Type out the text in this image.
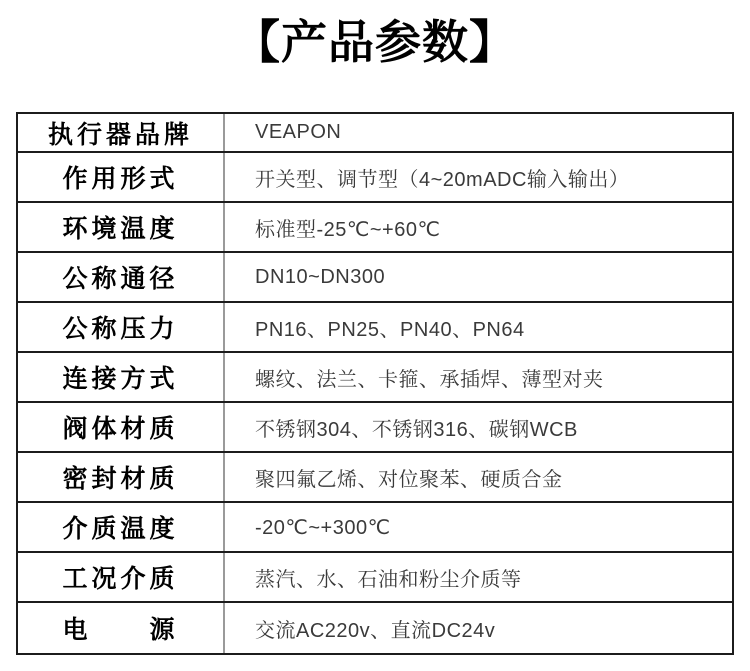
【产品参数】
执行器品牌	VEAPON
作用形式	开关型、调节型（4~20mADC输入输出）
环境温度	标准型-25℃~+60℃
公称通径	DN10~DN300
公称压力	PN16、PN25、PN40、PN64
连接方式	螺纹、法兰、卡箍、承插焊、薄型对夹
阀体材质	不锈钢304、不锈钢316、碳钢WCB
密封材质	聚四氟乙烯、对位聚苯、硬质合金
介质温度	-20℃~+300℃
工况介质	蒸汽、水、石油和粉尘介质等
电　　源	交流AC220v、直流DC24v
